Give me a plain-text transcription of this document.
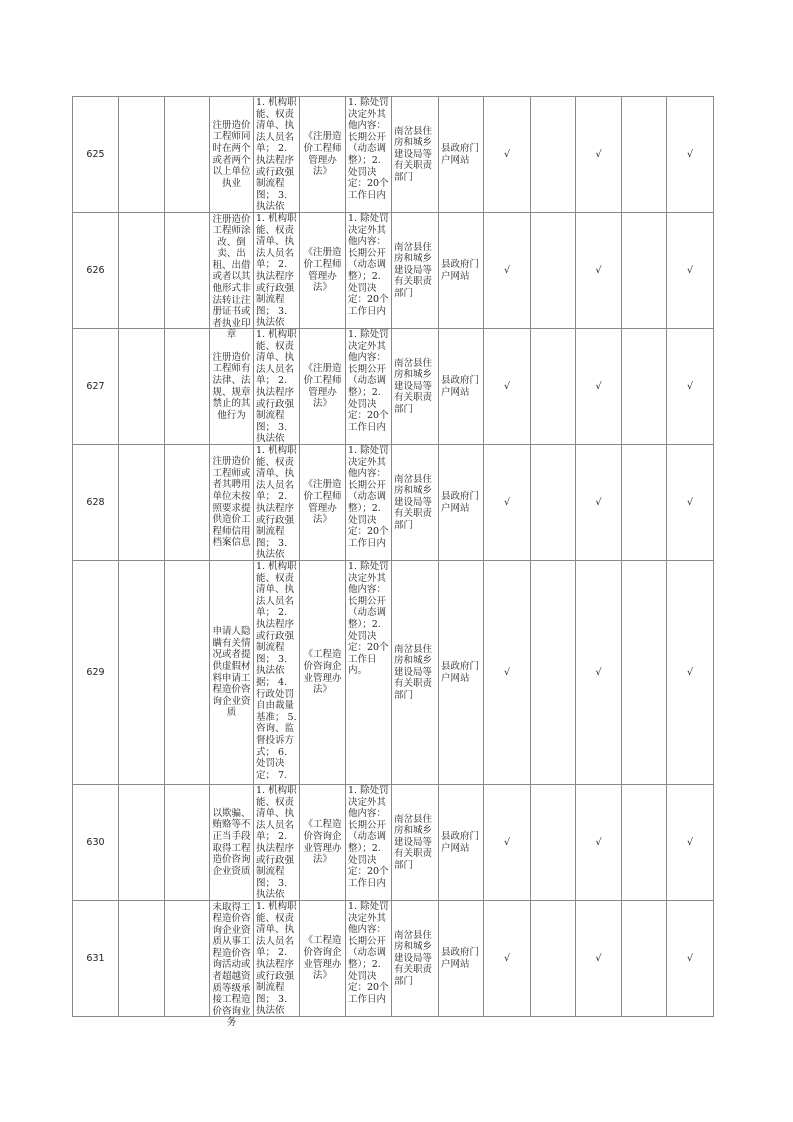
625			注册造价工程师同时在两个或者两个以上单位执业	1. 机构职能、权责清单、执法人员名单； 2. 执法程序或行政强制流程图； 3. 执法依	《注册造价工程师管理办法》	1. 除处罚决定外其他内容：长期公开（动态调整）；2. 处罚决定：20个工作日内	南岔县住房和城乡建设局等有关职责部门	县政府门户网站	√		√		√
626			注册造价工程师涂改、倒卖、出租、出借或者以其他形式非法转让注册证书或者执业印章	1. 机构职能、权责清单、执法人员名单； 2. 执法程序或行政强制流程图； 3. 执法依	《注册造价工程师管理办法》	1. 除处罚决定外其他内容：长期公开（动态调整）；2. 处罚决定：20个工作日内	南岔县住房和城乡建设局等有关职责部门	县政府门户网站	√		√		√
627			注册造价工程师有法律、法规、规章禁止的其他行为	1. 机构职能、权责清单、执法人员名单； 2. 执法程序或行政强制流程图； 3. 执法依	《注册造价工程师管理办法》	1. 除处罚决定外其他内容：长期公开（动态调整）；2. 处罚决定：20个工作日内	南岔县住房和城乡建设局等有关职责部门	县政府门户网站	√		√		√
628			注册造价工程师或者其聘用单位未按照要求提供造价工程师信用档案信息	1. 机构职能、权责清单、执法人员名单； 2. 执法程序或行政强制流程图； 3. 执法依	《注册造价工程师管理办法》	1. 除处罚决定外其他内容：长期公开（动态调整）；2. 处罚决定：20个工作日内	南岔县住房和城乡建设局等有关职责部门	县政府门户网站	√		√		√
629			申请人隐瞒有关情况或者提供虚假材料申请工程造价咨询企业资质	1. 机构职能、权责清单、执法人员名单； 2. 执法程序或行政强制流程图； 3. 执法依据； 4. 行政处罚自由裁量基准； 5. 咨询、监督投诉方式； 6. 处罚决定； 7.	《工程造价咨询企业管理办法》	1. 除处罚决定外其他内容：长期公开（动态调整）；2. 处罚决定：20个工作日内。	南岔县住房和城乡建设局等有关职责部门	县政府门户网站	√		√		√
630			以欺骗、贿赂等不正当手段取得工程造价咨询企业资质	1. 机构职能、权责清单、执法人员名单； 2. 执法程序或行政强制流程图； 3. 执法依	《工程造价咨询企业管理办法》	1. 除处罚决定外其他内容：长期公开（动态调整）；2. 处罚决定：20个工作日内	南岔县住房和城乡建设局等有关职责部门	县政府门户网站	√		√		√
631			未取得工程造价咨询企业资质从事工程造价咨询活动或者超越资质等级承接工程造价咨询业务	1. 机构职能、权责清单、执法人员名单； 2. 执法程序或行政强制流程图； 3. 执法依	《工程造价咨询企业管理办法》	1. 除处罚决定外其他内容：长期公开（动态调整）；2. 处罚决定：20个工作日内	南岔县住房和城乡建设局等有关职责部门	县政府门户网站	√		√		√
